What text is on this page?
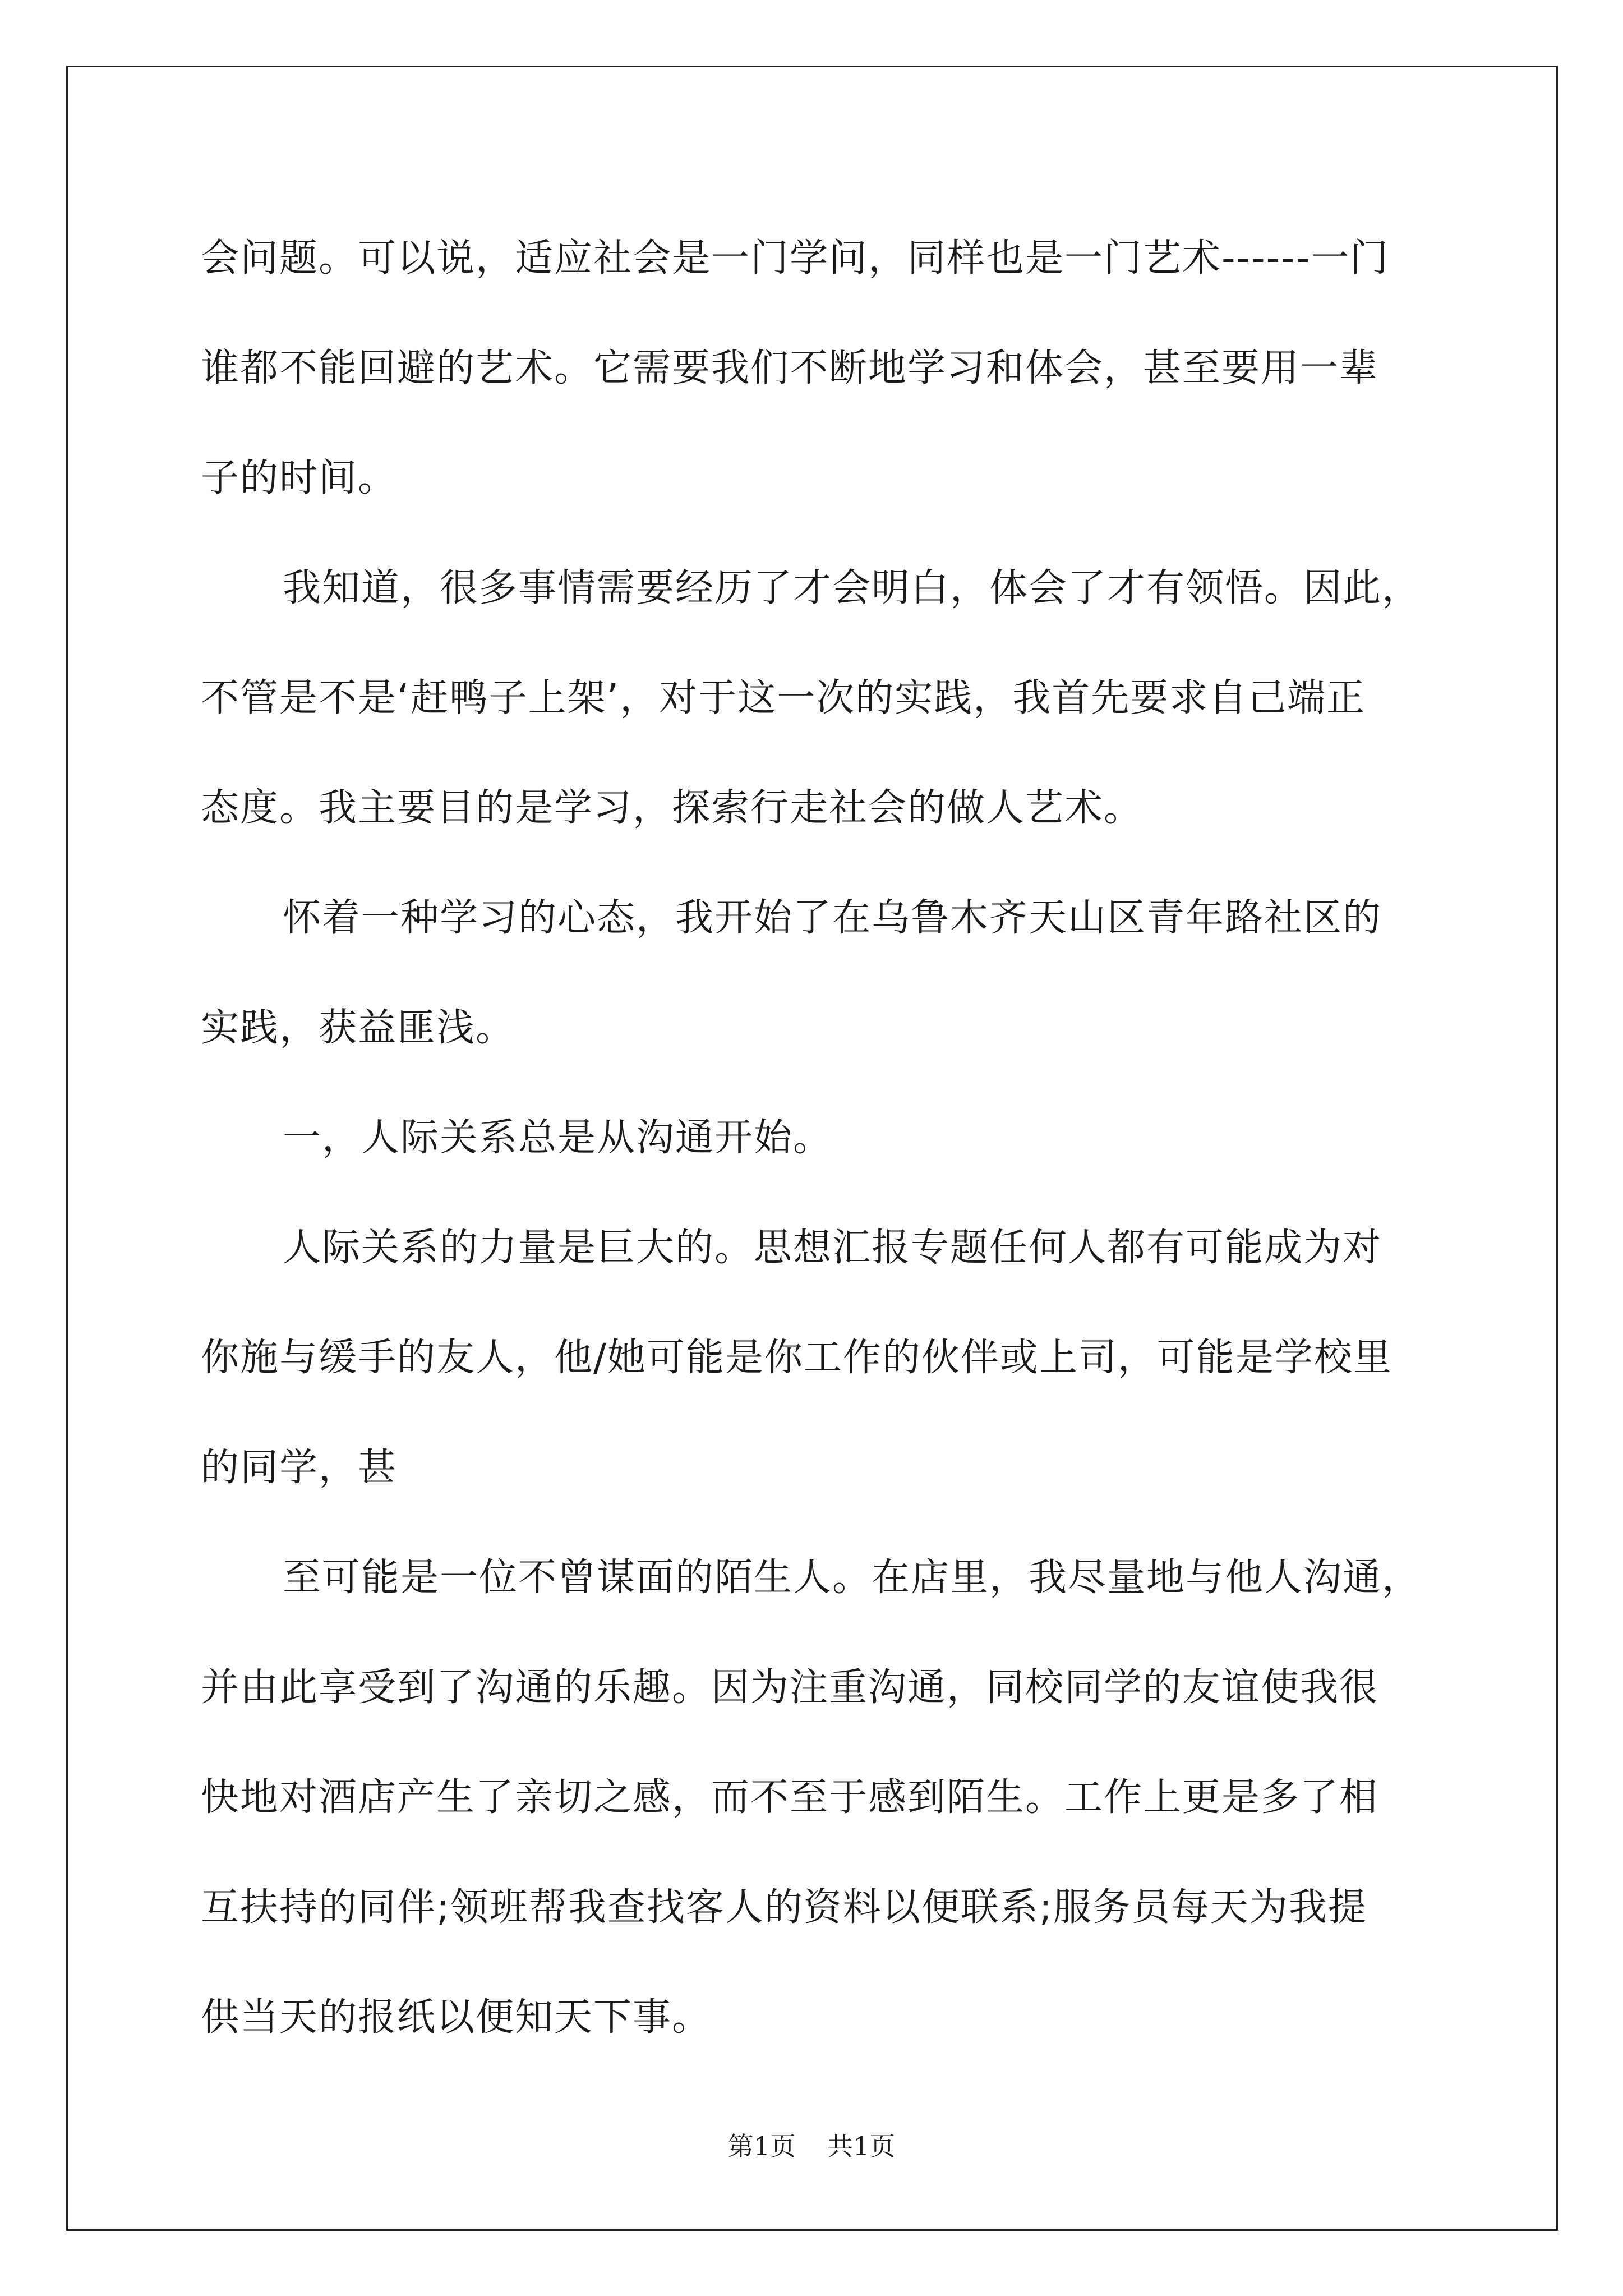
会问题。可以说，适应社会是一门学问，同样也是一门艺术------一门
谁都不能回避的艺术。它需要我们不断地学习和体会，甚至要用一辈
子的时间。
我知道，很多事情需要经历了才会明白，体会了才有领悟。因此，
不管是不是‘赶鸭子上架’，对于这一次的实践，我首先要求自己端正
态度。我主要目的是学习，探索行走社会的做人艺术。
怀着一种学习的心态，我开始了在乌鲁木齐天山区青年路社区的
实践，获益匪浅。
一，人际关系总是从沟通开始。
人际关系的力量是巨大的。思想汇报专题任何人都有可能成为对
你施与缓手的友人，他/她可能是你工作的伙伴或上司，可能是学校里
的同学，甚
至可能是一位不曾谋面的陌生人。在店里，我尽量地与他人沟通，
并由此享受到了沟通的乐趣。因为注重沟通，同校同学的友谊使我很
快地对酒店产生了亲切之感，而不至于感到陌生。工作上更是多了相
互扶持的同伴;领班帮我查找客人的资料以便联系;服务员每天为我提
供当天的报纸以便知天下事。
第1页 共1页
